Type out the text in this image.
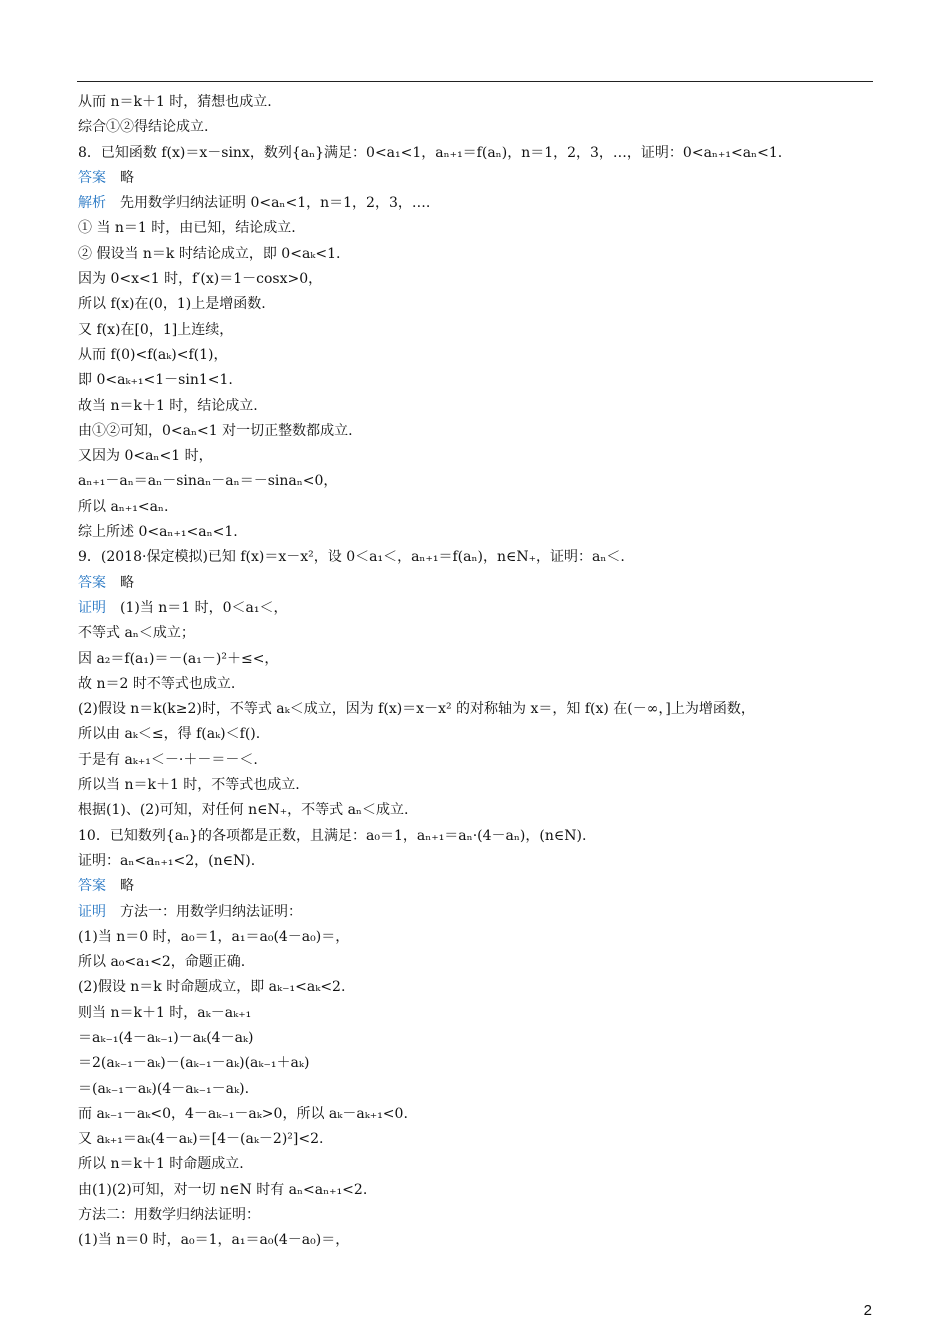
从而 n＝k＋1 时，猜想也成立.
综合①②得结论成立.
8．已知函数 f(x)＝x－sinx，数列{aₙ}满足：0<a₁<1，aₙ₊₁＝f(aₙ)，n＝1，2，3，…，证明：0<aₙ₊₁<aₙ<1.
答案　略
解析　先用数学归纳法证明 0<aₙ<1，n＝1，2，3，….
① 当 n＝1 时，由已知，结论成立.
② 假设当 n＝k 时结论成立，即 0<aₖ<1.
因为 0<x<1 时，f′(x)＝1－cosx>0，
所以 f(x)在(0，1)上是增函数.
又 f(x)在[0，1]上连续，
从而 f(0)<f(aₖ)<f(1)，
即 0<aₖ₊₁<1－sin1<1.
故当 n＝k＋1 时，结论成立.
由①②可知，0<aₙ<1 对一切正整数都成立.
又因为 0<aₙ<1 时，
aₙ₊₁－aₙ＝aₙ－sinaₙ－aₙ＝－sinaₙ<0，
所以 aₙ₊₁<aₙ.
综上所述 0<aₙ₊₁<aₙ<1.
9．(2018·保定模拟)已知 f(x)＝x－x²，设 0＜a₁＜，aₙ₊₁＝f(aₙ)，n∈N₊，证明：aₙ＜.
答案　略
证明　(1)当 n＝1 时，0＜a₁＜，
不等式 aₙ＜成立；
因 a₂＝f(a₁)＝－(a₁－)²＋≤<，
故 n＝2 时不等式也成立.
(2)假设 n＝k(k≥2)时，不等式 aₖ＜成立，因为 f(x)＝x－x² 的对称轴为 x＝，知 f(x) 在(－∞，]上为增函数，
所以由 aₖ＜≤，得 f(aₖ)＜f().
于是有 aₖ₊₁＜－·＋－＝－＜.
所以当 n＝k＋1 时，不等式也成立.
根据(1)、(2)可知，对任何 n∈N₊，不等式 aₙ＜成立.
10．已知数列{aₙ}的各项都是正数，且满足：a₀＝1，aₙ₊₁＝aₙ·(4－aₙ)，(n∈N).
证明：aₙ<aₙ₊₁<2，(n∈N).
答案　略
证明　方法一：用数学归纳法证明：
(1)当 n＝0 时，a₀＝1，a₁＝a₀(4－a₀)＝，
所以 a₀<a₁<2，命题正确.
(2)假设 n＝k 时命题成立，即 aₖ₋₁<aₖ<2.
则当 n＝k＋1 时，aₖ－aₖ₊₁
＝aₖ₋₁(4－aₖ₋₁)－aₖ(4－aₖ)
＝2(aₖ₋₁－aₖ)－(aₖ₋₁－aₖ)(aₖ₋₁＋aₖ)
＝(aₖ₋₁－aₖ)(4－aₖ₋₁－aₖ).
而 aₖ₋₁－aₖ<0，4－aₖ₋₁－aₖ>0，所以 aₖ－aₖ₊₁<0.
又 aₖ₊₁＝aₖ(4－aₖ)＝[4－(aₖ－2)²]<2.
所以 n＝k＋1 时命题成立.
由(1)(2)可知，对一切 n∈N 时有 aₙ<aₙ₊₁<2.
方法二：用数学归纳法证明：
(1)当 n＝0 时，a₀＝1，a₁＝a₀(4－a₀)＝，
2
